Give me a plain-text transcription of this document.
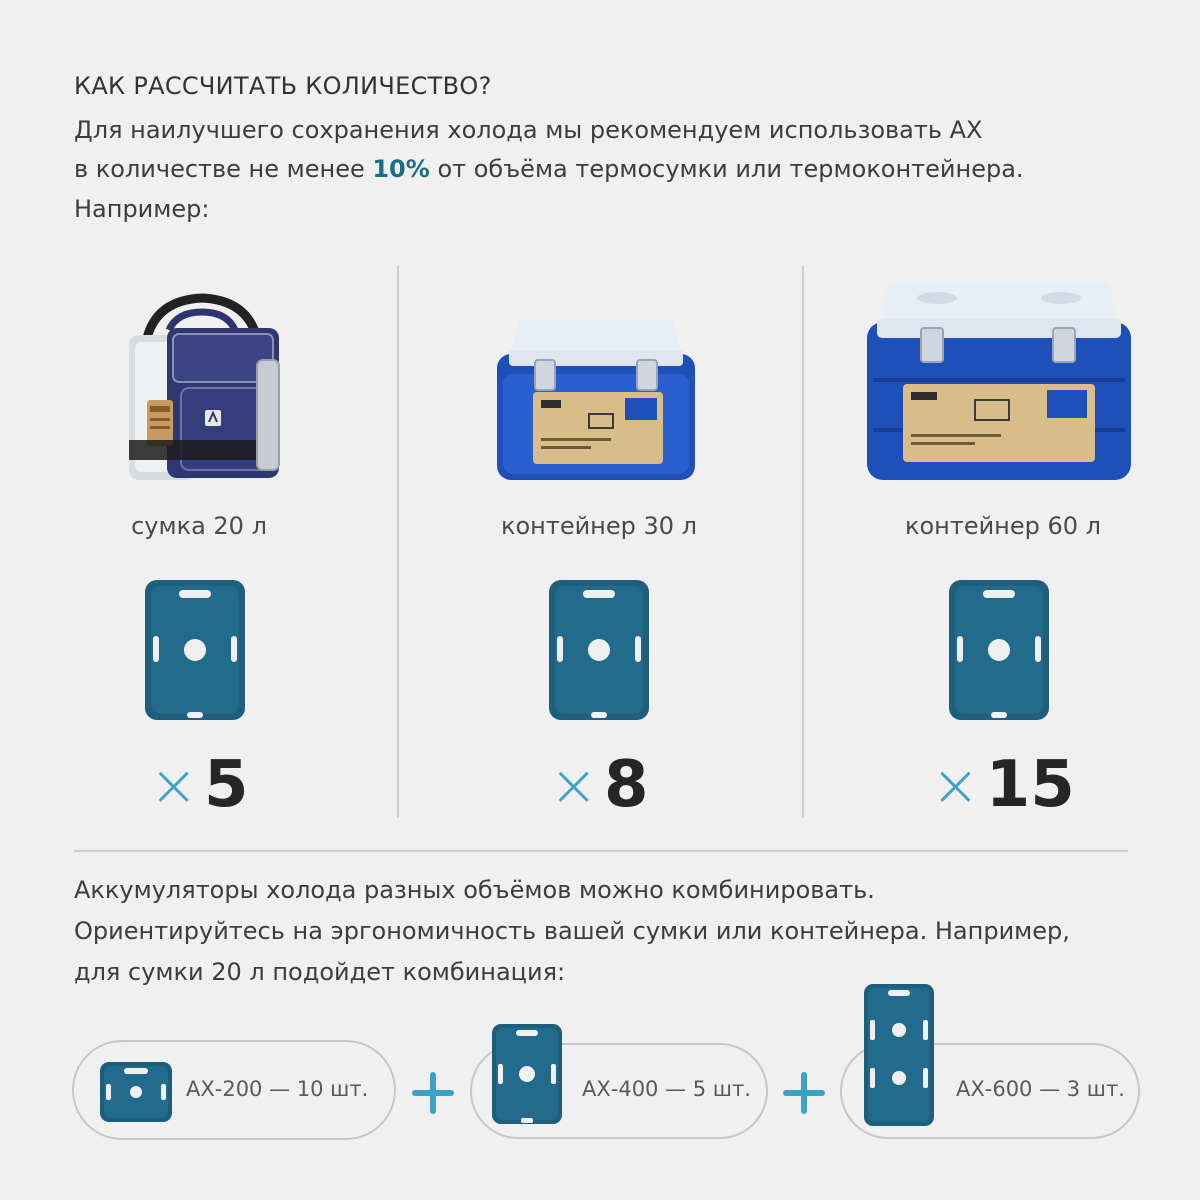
КАК РАССЧИТАТЬ КОЛИЧЕСТВО?
Для наилучшего сохранения холода мы рекомендуем использовать АХ
в количестве не менее 10% от объёма термосумки или термоконтейнера.
Например:
сумка 20 л
×5
контейнер 30 л
×8
контейнер 60 л
×15
Аккумуляторы холода разных объёмов можно комбинировать.
Ориентируйтесь на эргономичность вашей сумки или контейнера. Например,
для сумки 20 л подойдет комбинация:
АХ-200 — 10 шт.	АХ-400 — 5 шт.	АХ-600 — 3 шт.
